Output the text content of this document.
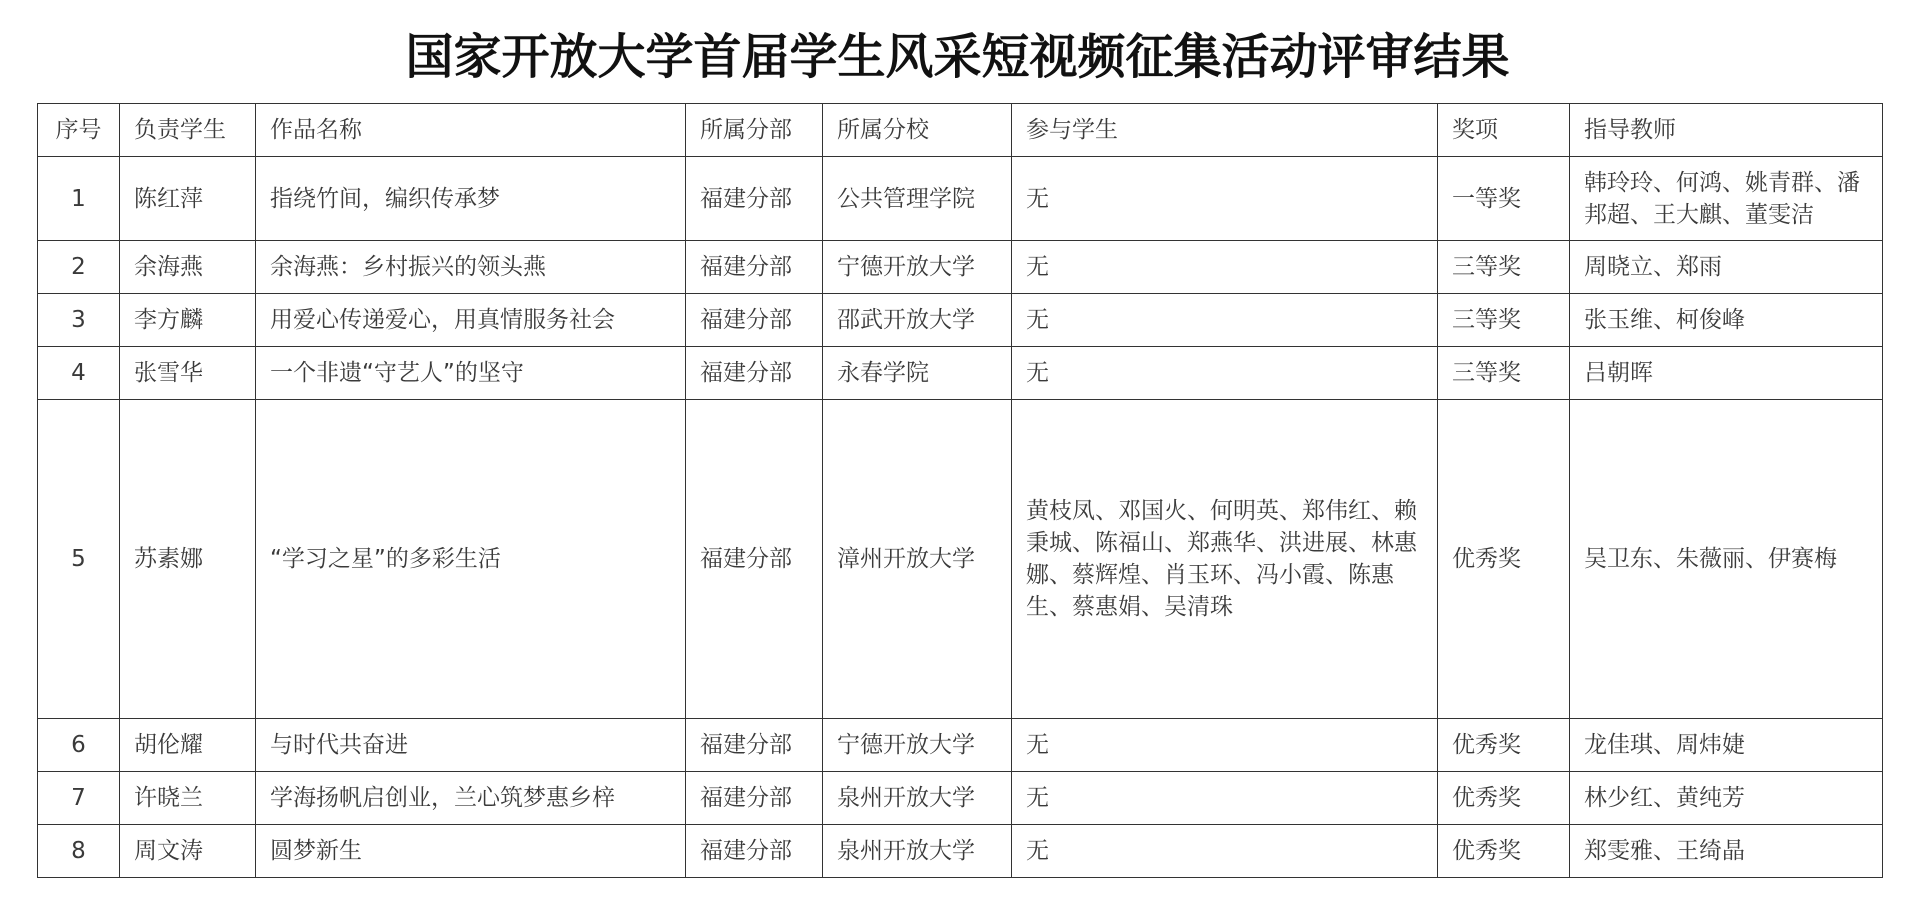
国家开放大学首届学生风采短视频征集活动评审结果
序号	负责学生	作品名称	所属分部	所属分校	参与学生	奖项	指导教师
1	陈红萍	指绕竹间，编织传承梦	福建分部	公共管理学院	无	一等奖	韩玲玲、何鸿、姚青群、潘邦超、王大麒、董雯洁
2	余海燕	余海燕：乡村振兴的领头燕	福建分部	宁德开放大学	无	三等奖	周晓立、郑雨
3	李方麟	用爱心传递爱心，用真情服务社会	福建分部	邵武开放大学	无	三等奖	张玉维、柯俊峰
4	张雪华	一个非遗“守艺人”的坚守	福建分部	永春学院	无	三等奖	吕朝晖
5	苏素娜	“学习之星”的多彩生活	福建分部	漳州开放大学	黄枝凤、邓国火、何明英、郑伟红、赖秉城、陈福山、郑燕华、洪进展、林惠娜、蔡辉煌、肖玉环、冯小霞、陈惠生、蔡惠娟、吴清珠	优秀奖	吴卫东、朱薇丽、伊赛梅
6	胡伦耀	与时代共奋进	福建分部	宁德开放大学	无	优秀奖	龙佳琪、周炜婕
7	许晓兰	学海扬帆启创业，兰心筑梦惠乡梓	福建分部	泉州开放大学	无	优秀奖	林少红、黄纯芳
8	周文涛	圆梦新生	福建分部	泉州开放大学	无	优秀奖	郑雯雅、王绮晶
